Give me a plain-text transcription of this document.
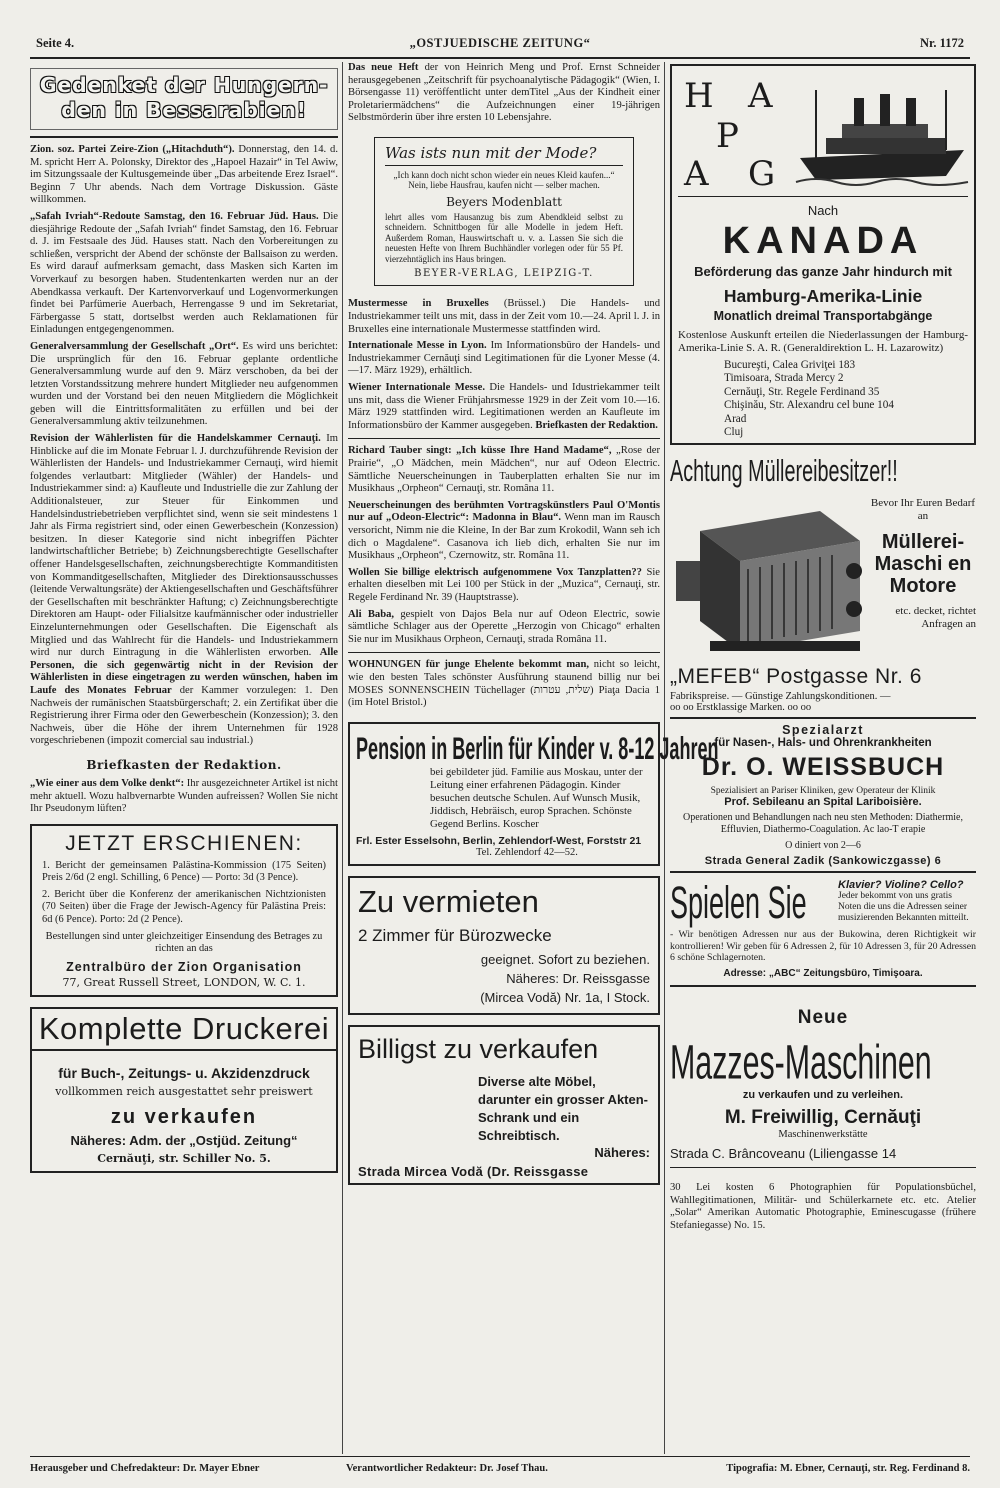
Seite 4.	„OSTJUEDISCHE ZEITUNG“	Nr. 1172
Gedenket der Hungern-
den in Bessarabien!

Zion. soz. Partei Zeire-Zion („Hitachduth“). Donnerstag, den 14. d. M. spricht Herr A. Polonsky, Direktor des „Hapoel Hazair“ in Tel Awiw, im Sitzungssaale der Kultusgemeinde über „Das arbeitende Erez Israel“. Beginn 7 Uhr abends. Nach dem Vortrage Diskussion. Gäste willkommen.

„Safah Ivriah“-Redoute Samstag, den 16. Februar Jüd. Haus. Die diesjährige Redoute der „Safah Ivriah“ findet Samstag, den 16. Februar d. J. im Festsaale des Jüd. Hauses statt. Nach den Vorbereitungen zu schließen, verspricht der Abend der schönste der Ballsaison zu werden. Es wird darauf aufmerksam gemacht, dass Masken sich Karten im Vorverkauf zu besorgen haben. Studentenkarten werden nur an der Abendkassa verkauft. Der Kartenvorverkauf und Logenvormerkungen findet bei Parfümerie Auerbach, Herrengasse 9 und im Sekretariat, Färbergasse 5 statt, dortselbst werden auch Reklamationen für Einladungen entgegengenommen.

Generalversammlung der Gesellschaft „Ort“. Es wird uns berichtet: Die ursprünglich für den 16. Februar geplante ordentliche Generalversammlung wurde auf den 9. März verschoben, da bei der letzten Vorstandssitzung mehrere hundert Mitglieder neu aufgenommen wurden und der Vorstand bei den neuen Mitgliedern die Möglichkeit geben will die Eintrittsformalitäten zu erfüllen und bei der Generalversammlung aktiv teilzunehmen.

Revision der Wählerlisten für die Handelskammer Cernauţi. Im Hinblicke auf die im Monate Februar l. J. durchzuführende Revision der Wählerlisten der Handels- und Industriekammer Cernauţi, wird hiemit folgendes verlautbart: Mitglieder (Wähler) der Handels- und Industriekammer sind: a) Kaufleute und Industrielle die zur Zahlung der Additionalsteuer, zur Steuer für Einkommen und Handelsindustriebetrieben verpflichtet sind, wenn sie seit mindestens 1 Jahr als Firma registriert sind, oder einen Gewerbeschein (Konzession) besitzen. In dieser Kategorie sind nicht inbegriffen Pächter landwirtschaftlicher Betriebe; b) Zeichnungsberechtigte Gesellschafter offener Handelsgesellschaften, zeichnungsberechtigte Kommanditisten von Kommanditgesellschaften, Mitglieder des Direktionsausschusses (leitende Verwaltungsräte) der Aktiengesellschaften und Geschäftsführer der Gesellschaften mit beschränkter Haftung; c) Zeichnungsberechtigte Direktoren am Haupt- oder Filialsitze kaufmännischer oder industrieller Einzelunternehmungen oder Gesellschaften. Die Eigenschaft als Mitglied und das Wahlrecht für die Handels- und Industriekammern wird nur durch Eintragung in die Wählerlisten erworben. Alle Personen, die sich gegenwärtig nicht in der Revision der Wählerlisten in diese eingetragen zu werden wünschen, haben im Laufe des Monates Februar der Kammer vorzulegen: 1. Den Nachweis der rumänischen Staatsbürgerschaft; 2. ein Zertifikat über die Registrierung ihrer Firma oder den Gewerbeschein (Konzession); 3. den Nachweis, über die Höhe der ihrem Unternehmen für 1928 vorgeschriebenen (impozit comercial sau industrial.)

Briefkasten der Redaktion.

„Wie einer aus dem Volke denkt“: Ihr ausgezeichneter Artikel ist nicht mehr aktuell. Wozu halbvernarbte Wunden aufreissen? Wollen Sie nicht Ihr Pseudonym lüften?

JETZT ERSCHIENEN:

1. Bericht der gemeinsamen Palästina-Kommission (175 Seiten) Preis 2/6d (2 engl. Schilling, 6 Pence) — Porto: 3d (3 Pence).

2. Bericht über die Konferenz der amerikanischen Nichtzionisten (70 Seiten) über die Frage der Jewisch-Agency für Palästina Preis: 6d (6 Pence). Porto: 2d (2 Pence).

Bestellungen sind unter gleichzeitiger Einsendung des Betrages zu richten an das

Zentralbüro der Zion Organisation
77, Great Russell Street, LONDON, W. C. 1.
Komplette Druckerei
für Buch-, Zeitungs- u. Akzidenzdruck
vollkommen reich ausgestattet sehr preiswert
zu verkaufen
Näheres: Adm. der „Ostjüd. Zeitung“
Cernăuţi, str. Schiller No. 5.

Das neue Heft der von Heinrich Meng und Prof. Ernst Schneider herausgegebenen „Zeitschrift für psychoanalytische Pädagogik“ (Wien, I. Börsengasse 11) veröffentlicht unter demTitel „Aus der Kindheit einer Proletariermädchens“ die Aufzeichnungen einer 19-jährigen Selbstmörderin über ihre ersten 10 Lebensjahre.

Was ists nun mit der Mode?

„Ich kann doch nicht schon wieder ein neues Kleid kaufen...“ Nein, liebe Hausfrau, kaufen nicht — selber machen.

Beyers Modenblatt

lehrt alles vom Hausanzug bis zum Abendkleid selbst zu schneidern. Schnittbogen für alle Modelle in jedem Heft. Außerdem Roman, Hauswirtschaft u. v. a. Lassen Sie sich die neuesten Hefte von Ihrem Buchhändler vorlegen oder für 55 Pf. vierzehntäglich ins Haus bringen.

BEYER-VERLAG, LEIPZIG-T.

Mustermesse in Bruxelles (Brüssel.) Die Handels- und Industriekammer teilt uns mit, dass in der Zeit vom 10.—24. April l. J. in Bruxelles eine internationale Mustermesse stattfinden wird.

Internationale Messe in Lyon. Im Informationsbüro der Handels- und Industriekammer Cernăuţi sind Legitimationen für die Lyoner Messe (4.—17. März 1929), erhältlich.

Wiener Internationale Messe. Die Handels- und Idustriekammer teilt uns mit, dass die Wiener Frühjahrsmesse 1929 in der Zeit vom 10.—16. März 1929 stattfinden wird. Legitimationen werden an Kaufleute im Informationsbüro der Kammer ausgegeben. Briefkasten der Redaktion.

Richard Tauber singt: „Ich küsse Ihre Hand Madame“, „Rose der Prairie“, „O Mädchen, mein Mädchen“, nur auf Odeon Electric. Sämtliche Neuerscheinungen in Tauberplatten erhalten Sie nur im Musikhaus „Orpheon“ Cernauţi, str. Româna 11.

Neuerscheinungen des berühmten Vortragskünstlers Paul O'Montis nur auf „Odeon-Electric“: Madonna in Blau“. Wenn man im Rausch versoricht, Nimm nie die Kleine, In der Bar zum Krokodil, Wann seh ich dich o Magdalene“. Casanova ich lieb dich, erhalten Sie nur im Musikhaus „Orpheon“, Czernowitz, str. Româna 11.

Wollen Sie billige elektrisch aufgenommene Vox Tanzplatten?? Sie erhalten dieselben mit Lei 100 per Stück in der „Muzica“, Cernauţi, str. Regele Ferdinand Nr. 39 (Hauptstrasse).

Ali Baba, gespielt von Dajos Bela nur auf Odeon Electric, sowie sämtliche Schlager aus der Operette „Herzogin von Chicago“ erhalten Sie nur im Musikhaus Orpheon, Cernauţi, strada Româna 11.

WOHNUNGEN für junge Ehelente bekommt man, nicht so leicht, wie den besten Tales schönster Ausführung staunend billig nur bei MOSES SONNENSCHEIN Tüchellager (שלית, עטרות) Piaţa Dacia 1 (im Hotel Bristol.)

Pension in Berlin für Kinder v. 8-12 Jahren

bei gebildeter jüd. Familie aus Moskau, unter der Leitung einer erfahrenen Pädagogin. Kinder besuchen deutsche Schulen. Auf Wunsch Musik, Jiddisch, Hebräisch, europ Sprachen. Schönste Gegend Berlins. Koscher

Frl. Ester Esselsohn, Berlin, Zehlendorf-West, Forststr 21
Tel. Zehlendorf 42—52.
Zu vermieten
2 Zimmer für Bürozwecke
geeignet. Sofort zu beziehen.
Näheres: Dr. Reissgasse
(Mircea Vodă) Nr. 1a, I Stock.
Billigst zu verkaufen
Diverse alte Möbel, darunter ein grosser Akten-Schrank und ein Schreibtisch.
Näheres:
Strada Mircea Vodă (Dr. Reissgasse
H A
P
A G
Nach
KANADA
Beförderung das ganze Jahr hindurch mit
Hamburg-Amerika-Linie
Monatlich dreimal Transportabgänge

Kostenlose Auskunft erteilen die Niederlassungen der Hamburg-Amerika-Linie S. A. R. (Generaldirektion L. H. Lazarowitz)

Bucureşti, Calea Griviţei 183
Timisoara, Strada Mercy 2
Cernăuţi, Str. Regele Ferdinand 35
Chişinău, Str. Alexandru cel bune 104
Arad
Cluj
Achtung Müllereibesitzer!!
Bevor Ihr Euren Bedarf an
Müllerei-Maschi en Motore
etc. decket, richtet Anfragen an
„MEFEB“ Postgasse Nr. 6
Fabrikspreise. — Günstige Zahlungskonditionen. —
oo oo Erstklassige Marken. oo oo
Spezialarzt
für Nasen-, Hals- und Ohrenkrankheiten
Dr. O. WEISSBUCH
Spezialisiert an Pariser Kliniken, gew Operateur der Klinik
Prof. Sebileanu an Spital Lariboisière.
Operationen und Behandlungen nach neu sten Methoden: Diathermie, Effluvien, Diathermo-Coagulation. Ac lao-T erapie
O diniert von 2—6
Strada General Zadik (Sankowiczgasse) 6
Spielen Sie	Klavier? Violine? Cello?
Jeder bekommt von uns gratis Noten die uns die Adressen seiner musizierenden Bekannten mitteilt.

- Wir benötigen Adressen nur aus der Bukowina, deren Richtigkeit wir kontrollieren! Wir geben für 6 Adressen 2, für 10 Adressen 3, für 20 Adressen 6 schöne Schlagernoten.

Adresse: „ABC“ Zeitungsbüro, Timişoara.
Neue
Mazzes-Maschinen
zu verkaufen und zu verleihen.
M. Freiwillig, Cernăuţi
Maschinenwerkstätte
Strada C. Brâncoveanu (Liliengasse 14

30 Lei kosten 6 Photographien für Populationsbüchel, Wahllegitimationen, Militär- und Schülerkarnete etc. etc. Atelier „Solar“ Amerikan Automatic Photographie, Eminescugasse (frühere Stefaniegasse) No. 15.

Herausgeber und Chefredakteur: Dr. Mayer Ebner	Verantwortlicher Redakteur: Dr. Josef Thau.	Tipografia: M. Ebner, Cernauţi, str. Reg. Ferdinand 8.
